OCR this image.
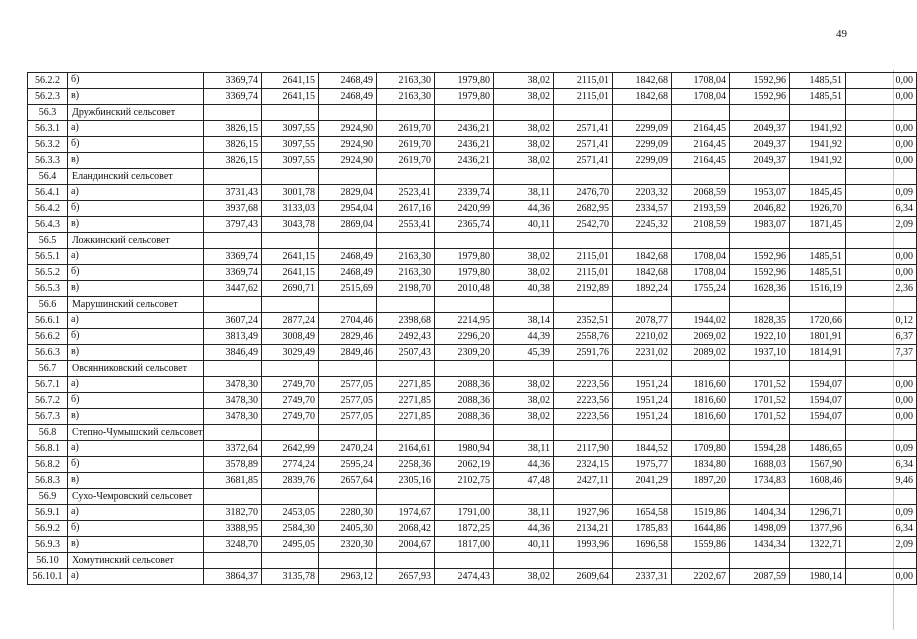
49
56.2.2	б)	3369,74	2641,15	2468,49	2163,30	1979,80	38,02	2115,01	1842,68	1708,04	1592,96	1485,51	0,00
56.2.3	в)	3369,74	2641,15	2468,49	2163,30	1979,80	38,02	2115,01	1842,68	1708,04	1592,96	1485,51	0,00
56.3	Дружбинский сельсовет												
56.3.1	а)	3826,15	3097,55	2924,90	2619,70	2436,21	38,02	2571,41	2299,09	2164,45	2049,37	1941,92	0,00
56.3.2	б)	3826,15	3097,55	2924,90	2619,70	2436,21	38,02	2571,41	2299,09	2164,45	2049,37	1941,92	0,00
56.3.3	в)	3826,15	3097,55	2924,90	2619,70	2436,21	38,02	2571,41	2299,09	2164,45	2049,37	1941,92	0,00
56.4	Еландинский сельсовет												
56.4.1	а)	3731,43	3001,78	2829,04	2523,41	2339,74	38,11	2476,70	2203,32	2068,59	1953,07	1845,45	0,09
56.4.2	б)	3937,68	3133,03	2954,04	2617,16	2420,99	44,36	2682,95	2334,57	2193,59	2046,82	1926,70	6,34
56.4.3	в)	3797,43	3043,78	2869,04	2553,41	2365,74	40,11	2542,70	2245,32	2108,59	1983,07	1871,45	2,09
56.5	Ложкинский сельсовет												
56.5.1	а)	3369,74	2641,15	2468,49	2163,30	1979,80	38,02	2115,01	1842,68	1708,04	1592,96	1485,51	0,00
56.5.2	б)	3369,74	2641,15	2468,49	2163,30	1979,80	38,02	2115,01	1842,68	1708,04	1592,96	1485,51	0,00
56.5.3	в)	3447,62	2690,71	2515,69	2198,70	2010,48	40,38	2192,89	1892,24	1755,24	1628,36	1516,19	2,36
56.6	Марушинский сельсовет												
56.6.1	а)	3607,24	2877,24	2704,46	2398,68	2214,95	38,14	2352,51	2078,77	1944,02	1828,35	1720,66	0,12
56.6.2	б)	3813,49	3008,49	2829,46	2492,43	2296,20	44,39	2558,76	2210,02	2069,02	1922,10	1801,91	6,37
56.6.3	в)	3846,49	3029,49	2849,46	2507,43	2309,20	45,39	2591,76	2231,02	2089,02	1937,10	1814,91	7,37
56.7	Овсянниковский сельсовет												
56.7.1	а)	3478,30	2749,70	2577,05	2271,85	2088,36	38,02	2223,56	1951,24	1816,60	1701,52	1594,07	0,00
56.7.2	б)	3478,30	2749,70	2577,05	2271,85	2088,36	38,02	2223,56	1951,24	1816,60	1701,52	1594,07	0,00
56.7.3	в)	3478,30	2749,70	2577,05	2271,85	2088,36	38,02	2223,56	1951,24	1816,60	1701,52	1594,07	0,00
56.8	Степно-Чумышский сельсовет												
56.8.1	а)	3372,64	2642,99	2470,24	2164,61	1980,94	38,11	2117,90	1844,52	1709,80	1594,28	1486,65	0,09
56.8.2	б)	3578,89	2774,24	2595,24	2258,36	2062,19	44,36	2324,15	1975,77	1834,80	1688,03	1567,90	6,34
56.8.3	в)	3681,85	2839,76	2657,64	2305,16	2102,75	47,48	2427,11	2041,29	1897,20	1734,83	1608,46	9,46
56.9	Сухо-Чемровский сельсовет												
56.9.1	а)	3182,70	2453,05	2280,30	1974,67	1791,00	38,11	1927,96	1654,58	1519,86	1404,34	1296,71	0,09
56.9.2	б)	3388,95	2584,30	2405,30	2068,42	1872,25	44,36	2134,21	1785,83	1644,86	1498,09	1377,96	6,34
56.9.3	в)	3248,70	2495,05	2320,30	2004,67	1817,00	40,11	1993,96	1696,58	1559,86	1434,34	1322,71	2,09
56.10	Хомутинский сельсовет												
56.10.1	а)	3864,37	3135,78	2963,12	2657,93	2474,43	38,02	2609,64	2337,31	2202,67	2087,59	1980,14	0,00
